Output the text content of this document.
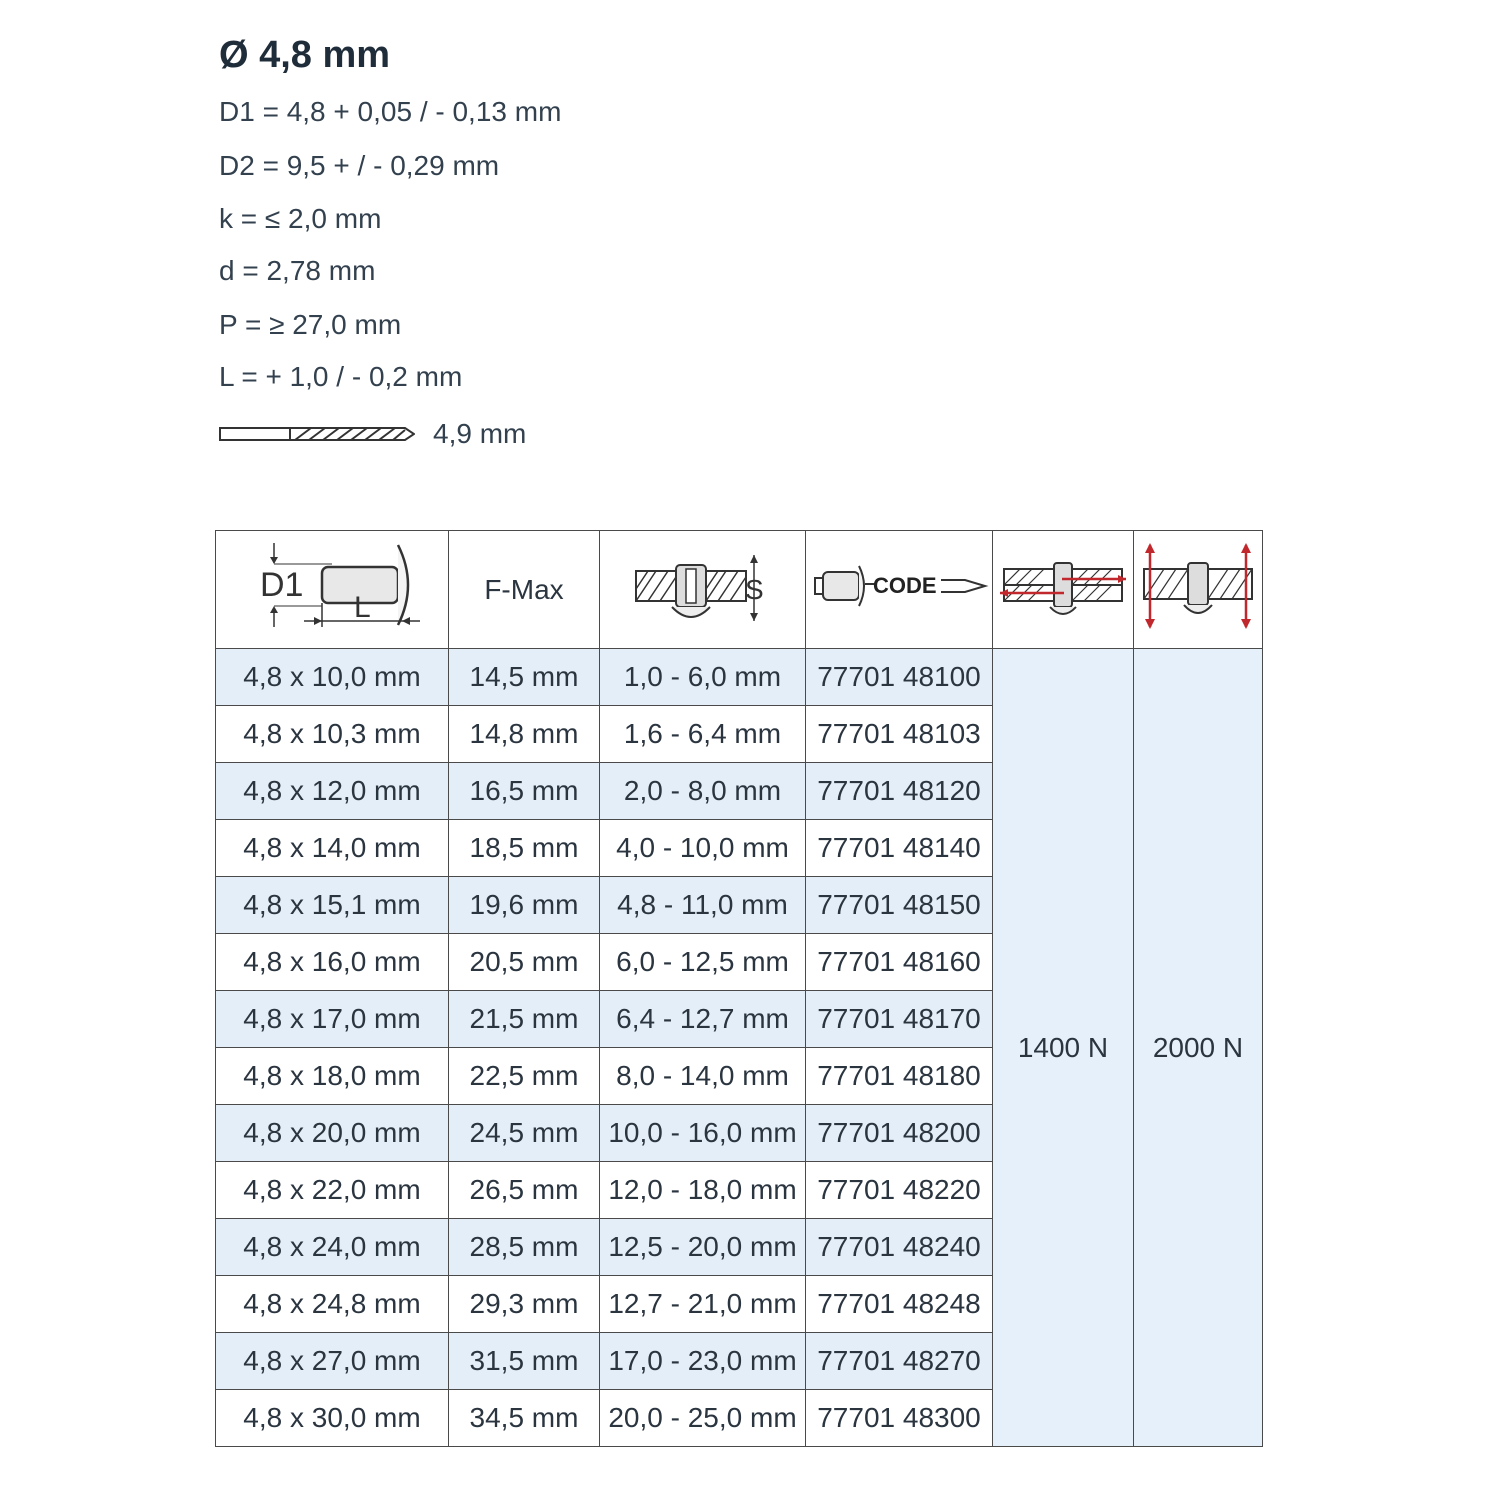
Ø 4,8 mm
D1 = 4,8 + 0,05 / - 0,13 mm
D2 = 9,5 + / - 0,29 mm
k = ≤ 2,0 mm
d = 2,78 mm
P = ≥ 27,0 mm
L = + 1,0 / - 0,2 mm
4,9 mm
D1
L	F-Max	S	CODE

4,8 x 10,0 mm	14,5 mm	1,0 - 6,0 mm	77701 48100	1400 N	2000 N
4,8 x 10,3 mm	14,8 mm	1,6 - 6,4 mm	77701 48103		
4,8 x 12,0 mm	16,5 mm	2,0 - 8,0 mm	77701 48120		
4,8 x 14,0 mm	18,5 mm	4,0 - 10,0 mm	77701 48140		
4,8 x 15,1 mm	19,6 mm	4,8 - 11,0 mm	77701 48150		
4,8 x 16,0 mm	20,5 mm	6,0 - 12,5 mm	77701 48160		
4,8 x 17,0 mm	21,5 mm	6,4 - 12,7 mm	77701 48170		
4,8 x 18,0 mm	22,5 mm	8,0 - 14,0 mm	77701 48180		
4,8 x 20,0 mm	24,5 mm	10,0 - 16,0 mm	77701 48200		
4,8 x 22,0 mm	26,5 mm	12,0 - 18,0 mm	77701 48220		
4,8 x 24,0 mm	28,5 mm	12,5 - 20,0 mm	77701 48240		
4,8 x 24,8 mm	29,3 mm	12,7 - 21,0 mm	77701 48248		
4,8 x 27,0 mm	31,5 mm	17,0 - 23,0 mm	77701 48270		
4,8 x 30,0 mm	34,5 mm	20,0 - 25,0 mm	77701 48300		
